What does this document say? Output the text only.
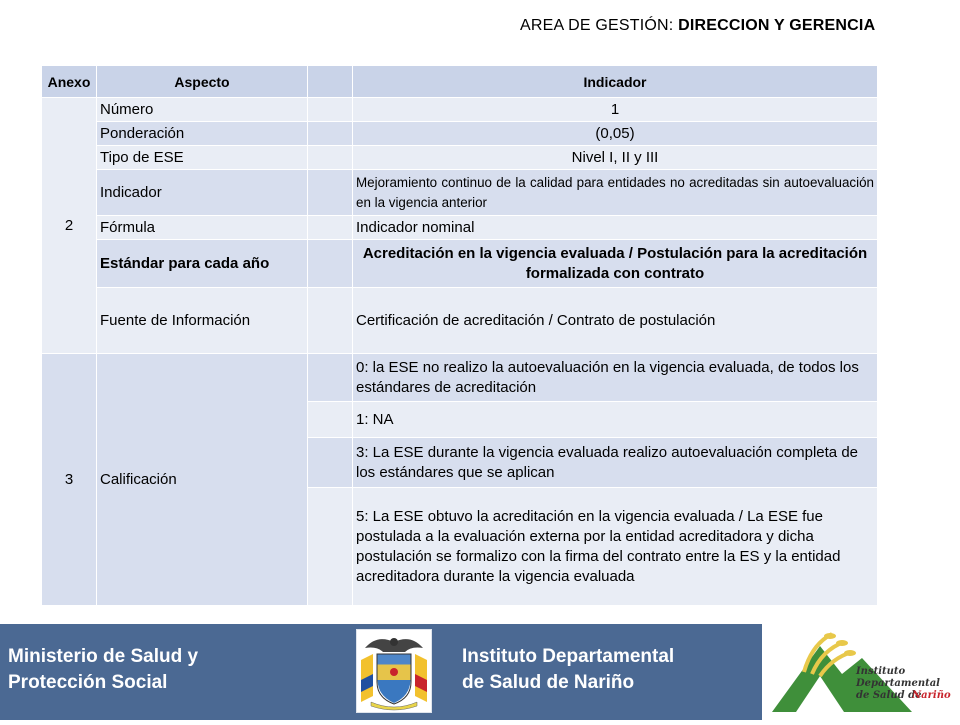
AREA DE GESTIÓN: DIRECCION Y GERENCIA
Anexo	Aspecto		Indicador
2	Número		1
	Ponderación		(0,05)
	Tipo de ESE		Nivel I, II y III
	Indicador		Mejoramiento continuo de la calidad para entidades no acreditadas sin autoevaluación en la vigencia anterior
	Fórmula		Indicador nominal
	Estándar para cada año		Acreditación en la vigencia evaluada / Postulación para la acreditación formalizada con contrato
	Fuente de Información		Certificación de acreditación / Contrato de postulación
3	Calificación		0: la ESE no realizo la autoevaluación en la vigencia evaluada, de todos los estándares de acreditación
			1: NA
			3: La ESE durante la vigencia evaluada realizo autoevaluación completa de los estándares que se aplican
			5: La ESE obtuvo la acreditación en la vigencia evaluada / La ESE fue postulada a la evaluación externa por la entidad acreditadora y dicha postulación se formalizo con la firma del contrato entre la ES y la entidad acreditadora durante la vigencia evaluada
Ministerio de Salud y
Protección Social
Instituto Departamental
de Salud de Nariño
Instituto
Departamental
de Salud de
Nariño
